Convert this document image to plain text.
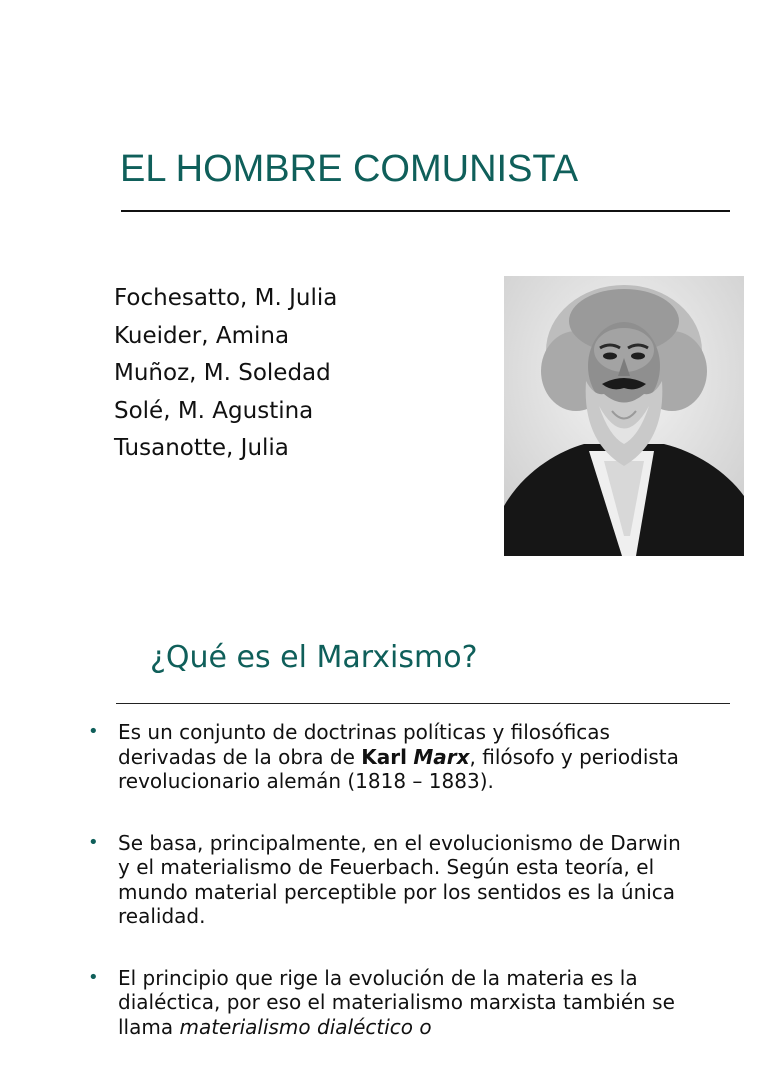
EL HOMBRE COMUNISTA
Fochesatto, M. Julia
Kueider, Amina
Muñoz, M. Soledad
Solé, M. Agustina
Tusanotte, Julia
¿Qué es el Marxismo?
• Es un conjunto de doctrinas políticas y filosóficas derivadas de la obra de Karl Marx, filósofo y periodista revolucionario alemán (1818 – 1883).
• Se basa, principalmente, en el evolucionismo de Darwin y el materialismo de Feuerbach. Según esta teoría, el mundo material perceptible por los sentidos es la única realidad.
• El principio que rige la evolución de la materia es la dialéctica, por eso el materialismo marxista también se llama materialismo dialéctico o
